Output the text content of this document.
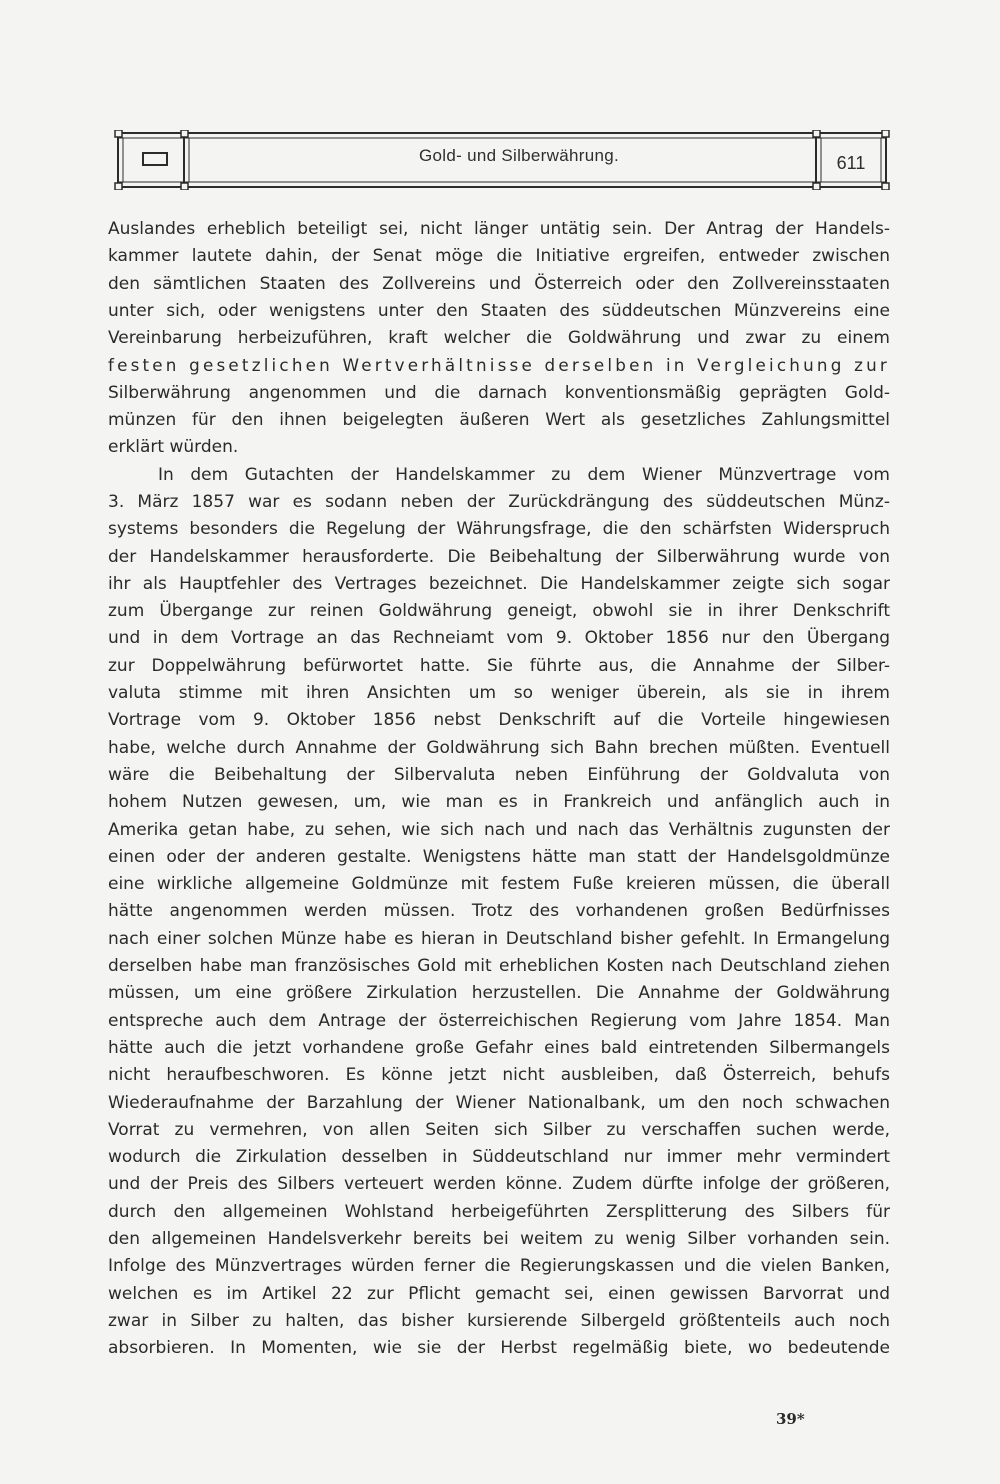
Gold- und Silberwährung.	611
Auslandes erheblich beteiligt sei, nicht länger untätig sein. Der Antrag der Handels-
kammer lautete dahin, der Senat möge die Initiative ergreifen, entweder zwischen
den sämtlichen Staaten des Zollvereins und Österreich oder den Zollvereinsstaaten
unter sich, oder wenigstens unter den Staaten des süddeutschen Münzvereins eine
Vereinbarung herbeizuführen, kraft welcher die Goldwährung und zwar zu einem
festen gesetzlichen Wertverhältnisse derselben in Vergleichung zur
Silberwährung angenommen und die darnach konventionsmäßig geprägten Gold-
münzen für den ihnen beigelegten äußeren Wert als gesetzliches Zahlungsmittel
erklärt würden.
In dem Gutachten der Handelskammer zu dem Wiener Münzvertrage vom
3. März 1857 war es sodann neben der Zurückdrängung des süddeutschen Münz-
systems besonders die Regelung der Währungsfrage, die den schärfsten Widerspruch
der Handelskammer herausforderte. Die Beibehaltung der Silberwährung wurde von
ihr als Hauptfehler des Vertrages bezeichnet. Die Handelskammer zeigte sich sogar
zum Übergange zur reinen Goldwährung geneigt, obwohl sie in ihrer Denkschrift
und in dem Vortrage an das Rechneiamt vom 9. Oktober 1856 nur den Übergang
zur Doppelwährung befürwortet hatte. Sie führte aus, die Annahme der Silber-
valuta stimme mit ihren Ansichten um so weniger überein, als sie in ihrem
Vortrage vom 9. Oktober 1856 nebst Denkschrift auf die Vorteile hingewiesen
habe, welche durch Annahme der Goldwährung sich Bahn brechen müßten. Eventuell
wäre die Beibehaltung der Silbervaluta neben Einführung der Goldvaluta von
hohem Nutzen gewesen, um, wie man es in Frankreich und anfänglich auch in
Amerika getan habe, zu sehen, wie sich nach und nach das Verhältnis zugunsten der
einen oder der anderen gestalte. Wenigstens hätte man statt der Handelsgoldmünze
eine wirkliche allgemeine Goldmünze mit festem Fuße kreieren müssen, die überall
hätte angenommen werden müssen. Trotz des vorhandenen großen Bedürfnisses
nach einer solchen Münze habe es hieran in Deutschland bisher gefehlt. In Ermangelung
derselben habe man französisches Gold mit erheblichen Kosten nach Deutschland ziehen
müssen, um eine größere Zirkulation herzustellen. Die Annahme der Goldwährung
entspreche auch dem Antrage der österreichischen Regierung vom Jahre 1854. Man
hätte auch die jetzt vorhandene große Gefahr eines bald eintretenden Silbermangels
nicht heraufbeschworen. Es könne jetzt nicht ausbleiben, daß Österreich, behufs
Wiederaufnahme der Barzahlung der Wiener Nationalbank, um den noch schwachen
Vorrat zu vermehren, von allen Seiten sich Silber zu verschaffen suchen werde,
wodurch die Zirkulation desselben in Süddeutschland nur immer mehr vermindert
und der Preis des Silbers verteuert werden könne. Zudem dürfte infolge der größeren,
durch den allgemeinen Wohlstand herbeigeführten Zersplitterung des Silbers für
den allgemeinen Handelsverkehr bereits bei weitem zu wenig Silber vorhanden sein.
Infolge des Münzvertrages würden ferner die Regierungskassen und die vielen Banken,
welchen es im Artikel 22 zur Pflicht gemacht sei, einen gewissen Barvorrat und
zwar in Silber zu halten, das bisher kursierende Silbergeld größtenteils auch noch
absorbieren. In Momenten, wie sie der Herbst regelmäßig biete, wo bedeutende
39*
